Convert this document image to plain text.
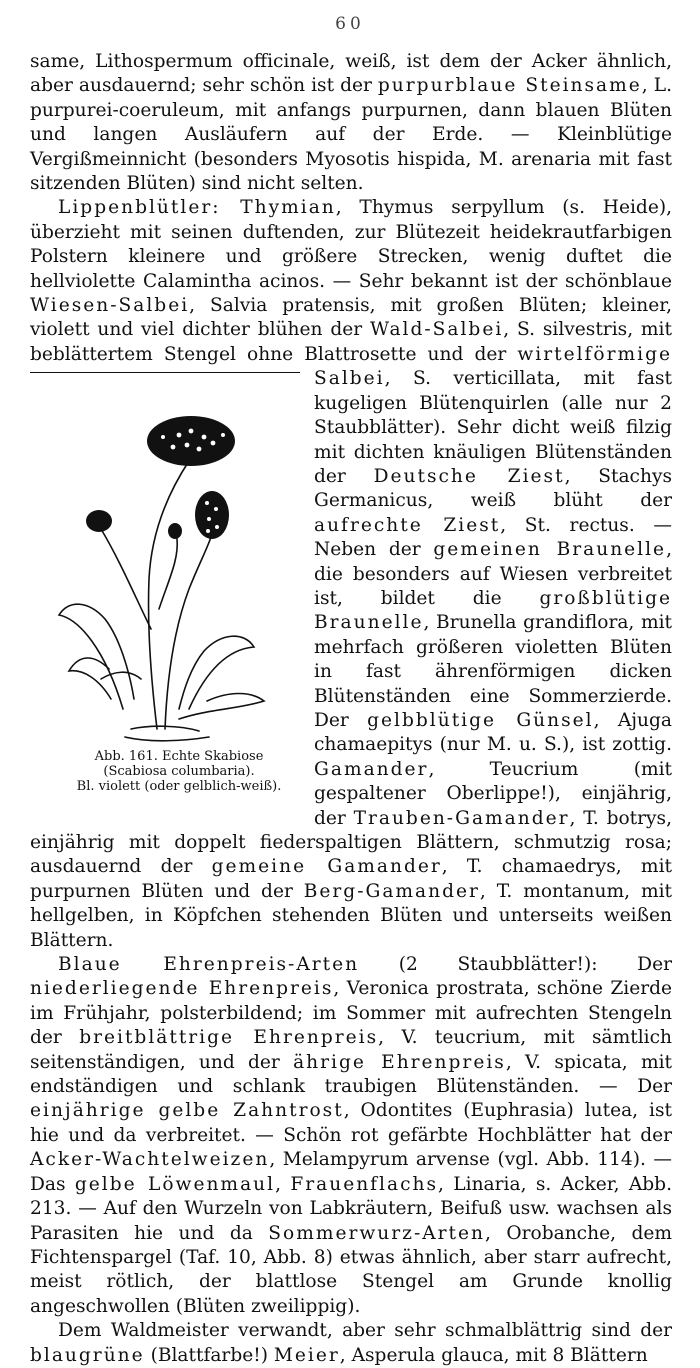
60

same, Lithospermum officinale, weiß, ist dem der Acker ähnlich, aber ausdauernd; sehr schön ist der purpurblaue Steinsame, L. purpurei-coeruleum, mit anfangs purpurnen, dann blauen Blüten und langen Ausläufern auf der Erde. — Kleinblütige Vergißmeinnicht (besonders Myosotis hispida, M. arenaria mit fast sitzenden Blüten) sind nicht selten.

Lippenblütler: Thymian, Thymus serpyllum (s. Heide), überzieht mit seinen duftenden, zur Blütezeit heidekrautfarbigen Polstern kleinere und größere Strecken, wenig duftet die hellviolette Calamintha acinos. — Sehr bekannt ist der schönblaue Wiesen-Salbei, Salvia pratensis, mit großen Blüten; kleiner, violett und viel dichter blühen der Wald-Salbei, S. silvestris, mit beblättertem Stengel ohne Blattrosette und der wirtelförmige Salbei
Abb. 161. Echte Skabiose
(Scabiosa columbaria).
Bl. violett (oder gelblich-weiß).
, S. verticillata, mit fast kugeligen Blütenquirlen (alle nur 2 Staubblätter). Sehr dicht weiß filzig mit dichten knäuligen Blütenständen der Deutsche Ziest, Stachys Germanicus, weiß blüht der aufrechte Ziest, St. rectus. — Neben der gemeinen Braunelle, die besonders auf Wiesen verbreitet ist, bildet die großblütige Braunelle, Brunella grandiflora, mit mehrfach größeren violetten Blüten in fast ährenförmigen dicken Blütenständen eine Sommerzierde. Der gelbblütige Günsel, Ajuga chamaepitys (nur M. u. S.), ist zottig. Gamander, Teucrium (mit gespaltener Oberlippe!), einjährig, der Trauben-Gamander, T. botrys, einjährig mit doppelt fiederspaltigen Blättern, schmutzig rosa; ausdauernd der gemeine Gamander, T. chamaedrys, mit purpurnen Blüten und der Berg-Gamander, T. montanum, mit hellgelben, in Köpfchen stehenden Blüten und unterseits weißen Blättern.

Blaue Ehrenpreis-Arten (2 Staubblätter!): Der niederliegende Ehrenpreis, Veronica prostrata, schöne Zierde im Frühjahr, polsterbildend; im Sommer mit aufrechten Stengeln der breitblättrige Ehrenpreis, V. teucrium, mit sämtlich seitenständigen, und der ährige Ehrenpreis, V. spicata, mit endständigen und schlank traubigen Blütenständen. — Der einjährige gelbe Zahntrost, Odontites (Euphrasia) lutea, ist hie und da verbreitet. — Schön rot gefärbte Hochblätter hat der Acker-Wachtelweizen, Melampyrum arvense (vgl. Abb. 114). — Das gelbe Löwenmaul, Frauenflachs, Linaria, s. Acker, Abb. 213. — Auf den Wurzeln von Labkräutern, Beifuß usw. wachsen als Parasiten hie und da Sommerwurz-Arten, Orobanche, dem Fichtenspargel (Taf. 10, Abb. 8) etwas ähnlich, aber starr aufrecht, meist rötlich, der blattlose Stengel am Grunde knollig angeschwollen (Blüten zweilippig).

Dem Waldmeister verwandt, aber sehr schmalblättrig sind der blaugrüne (Blattfarbe!) Meier, Asperula glauca, mit 8 Blättern
